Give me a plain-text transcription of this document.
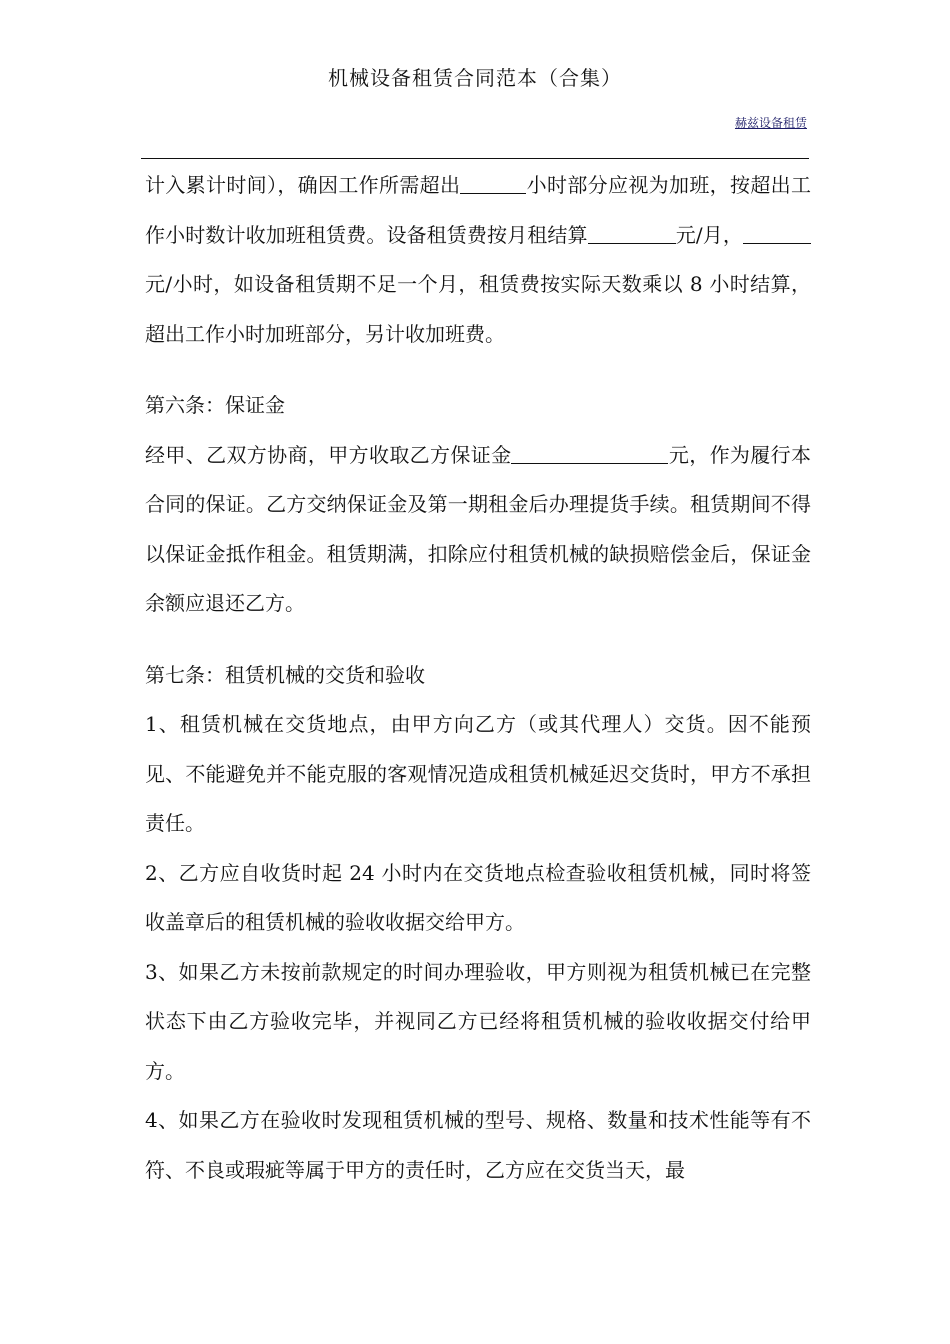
机械设备租赁合同范本（合集）
赫兹设备租赁

计入累计时间），确因工作所需超出	小时部分应视为加班，按超出工作小时数计收加班租赁费。设备租赁费按月租结算	元/月，元/小时，如设备租赁期不足一个月，租赁费按实际天数乘以 8 小时结算，超出工作小时加班部分，另计收加班费。

第六条：保证金

经甲、乙双方协商，甲方收取乙方保证金	元，作为履行本合同的保证。乙方交纳保证金及第一期租金后办理提货手续。租赁期间不得以保证金抵作租金。租赁期满，扣除应付租赁机械的缺损赔偿金后，保证金余额应退还乙方。

第七条：租赁机械的交货和验收

1、租赁机械在交货地点，由甲方向乙方（或其代理人）交货。因不能预见、不能避免并不能克服的客观情况造成租赁机械延迟交货时，甲方不承担责任。

2、乙方应自收货时起 24 小时内在交货地点检查验收租赁机械，同时将签收盖章后的租赁机械的验收收据交给甲方。

3、如果乙方未按前款规定的时间办理验收，甲方则视为租赁机械已在完整状态下由乙方验收完毕，并视同乙方已经将租赁机械的验收收据交付给甲方。

4、如果乙方在验收时发现租赁机械的型号、规格、数量和技术性能等有不符、不良或瑕疵等属于甲方的责任时，乙方应在交货当天，最
